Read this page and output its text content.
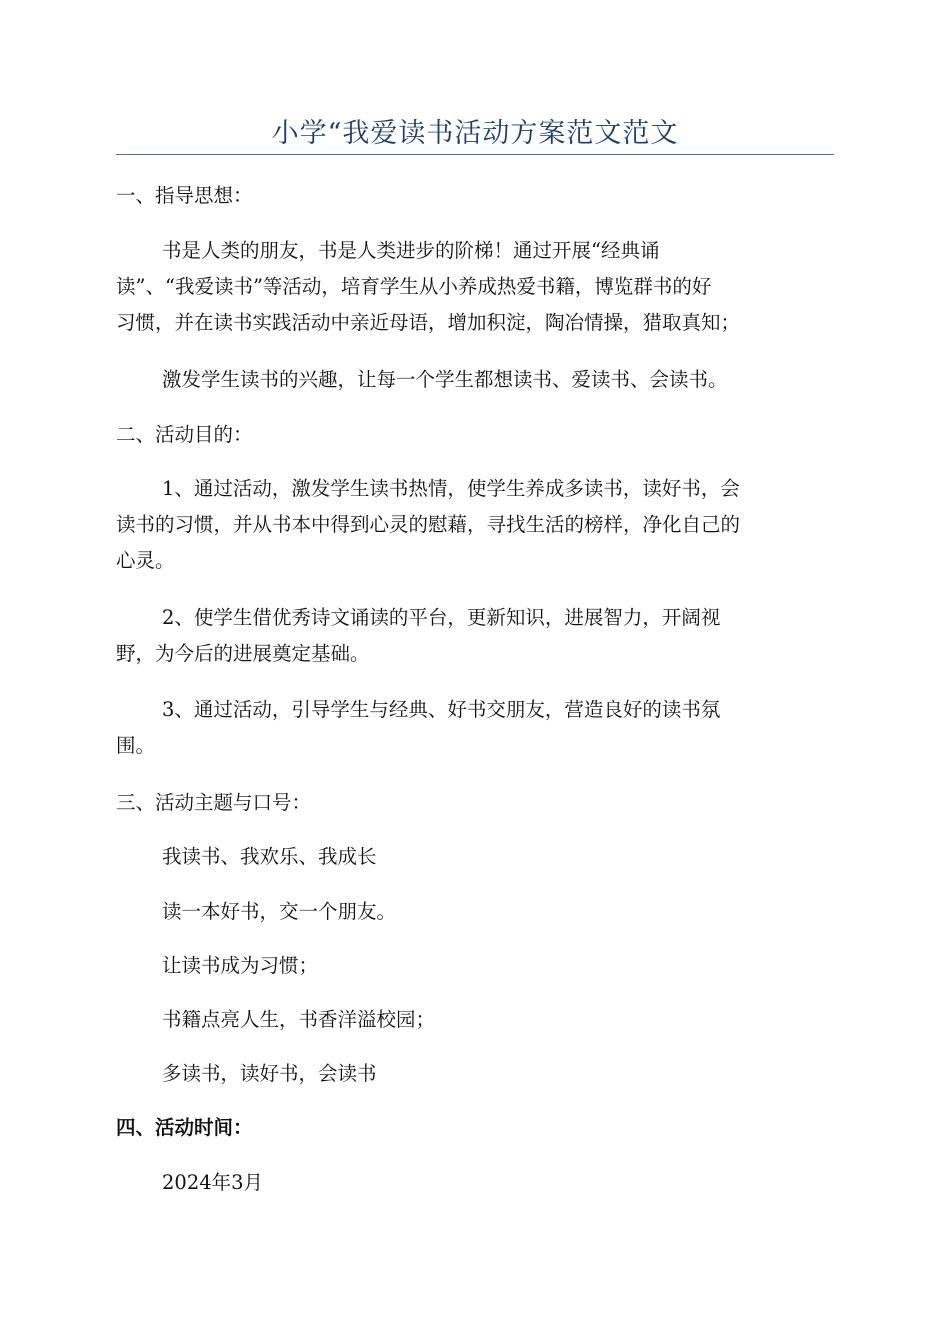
小学“我爱读书活动方案范文范文
一、指导思想：
书是人类的朋友，书是人类进步的阶梯！通过开展“经典诵
读”、“我爱读书”等活动，培育学生从小养成热爱书籍，博览群书的好
习惯，并在读书实践活动中亲近母语，增加积淀，陶冶情操，猎取真知；
激发学生读书的兴趣，让每一个学生都想读书、爱读书、会读书。
二、活动目的：
1、通过活动，激发学生读书热情，使学生养成多读书，读好书，会
读书的习惯，并从书本中得到心灵的慰藉，寻找生活的榜样，净化自己的
心灵。
2、使学生借优秀诗文诵读的平台，更新知识，进展智力，开阔视
野，为今后的进展奠定基础。
3、通过活动，引导学生与经典、好书交朋友，营造良好的读书氛
围。
三、活动主题与口号：
我读书、我欢乐、我成长
读一本好书，交一个朋友。
让读书成为习惯；
书籍点亮人生，书香洋溢校园；
多读书，读好书，会读书
四、活动时间：
2024年3月
